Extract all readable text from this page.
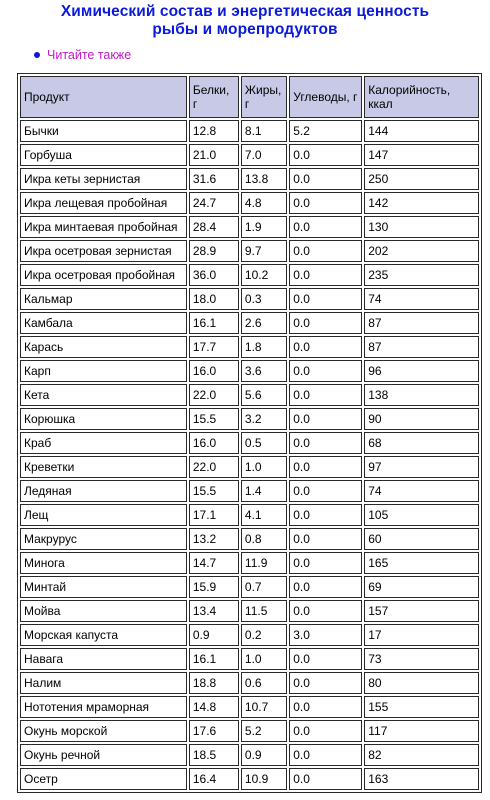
Химический состав и энергетическая ценность
рыбы и морепродуктов
Читайте также
Продукт	Белки, г	Жиры, г	Углеводы, г	Калорийность, ккал
Бычки	12.8	8.1	5.2	144
Горбуша	21.0	7.0	0.0	147
Икра кеты зернистая	31.6	13.8	0.0	250
Икра лещевая пробойная	24.7	4.8	0.0	142
Икра минтаевая пробойная	28.4	1.9	0.0	130
Икра осетровая зернистая	28.9	9.7	0.0	202
Икра осетровая пробойная	36.0	10.2	0.0	235
Кальмар	18.0	0.3	0.0	74
Камбала	16.1	2.6	0.0	87
Карась	17.7	1.8	0.0	87
Карп	16.0	3.6	0.0	96
Кета	22.0	5.6	0.0	138
Корюшка	15.5	3.2	0.0	90
Краб	16.0	0.5	0.0	68
Креветки	22.0	1.0	0.0	97
Ледяная	15.5	1.4	0.0	74
Лещ	17.1	4.1	0.0	105
Макрурус	13.2	0.8	0.0	60
Минога	14.7	11.9	0.0	165
Минтай	15.9	0.7	0.0	69
Мойва	13.4	11.5	0.0	157
Морская капуста	0.9	0.2	3.0	17
Навага	16.1	1.0	0.0	73
Налим	18.8	0.6	0.0	80
Нототения мраморная	14.8	10.7	0.0	155
Окунь морской	17.6	5.2	0.0	117
Окунь речной	18.5	0.9	0.0	82
Осетр	16.4	10.9	0.0	163
